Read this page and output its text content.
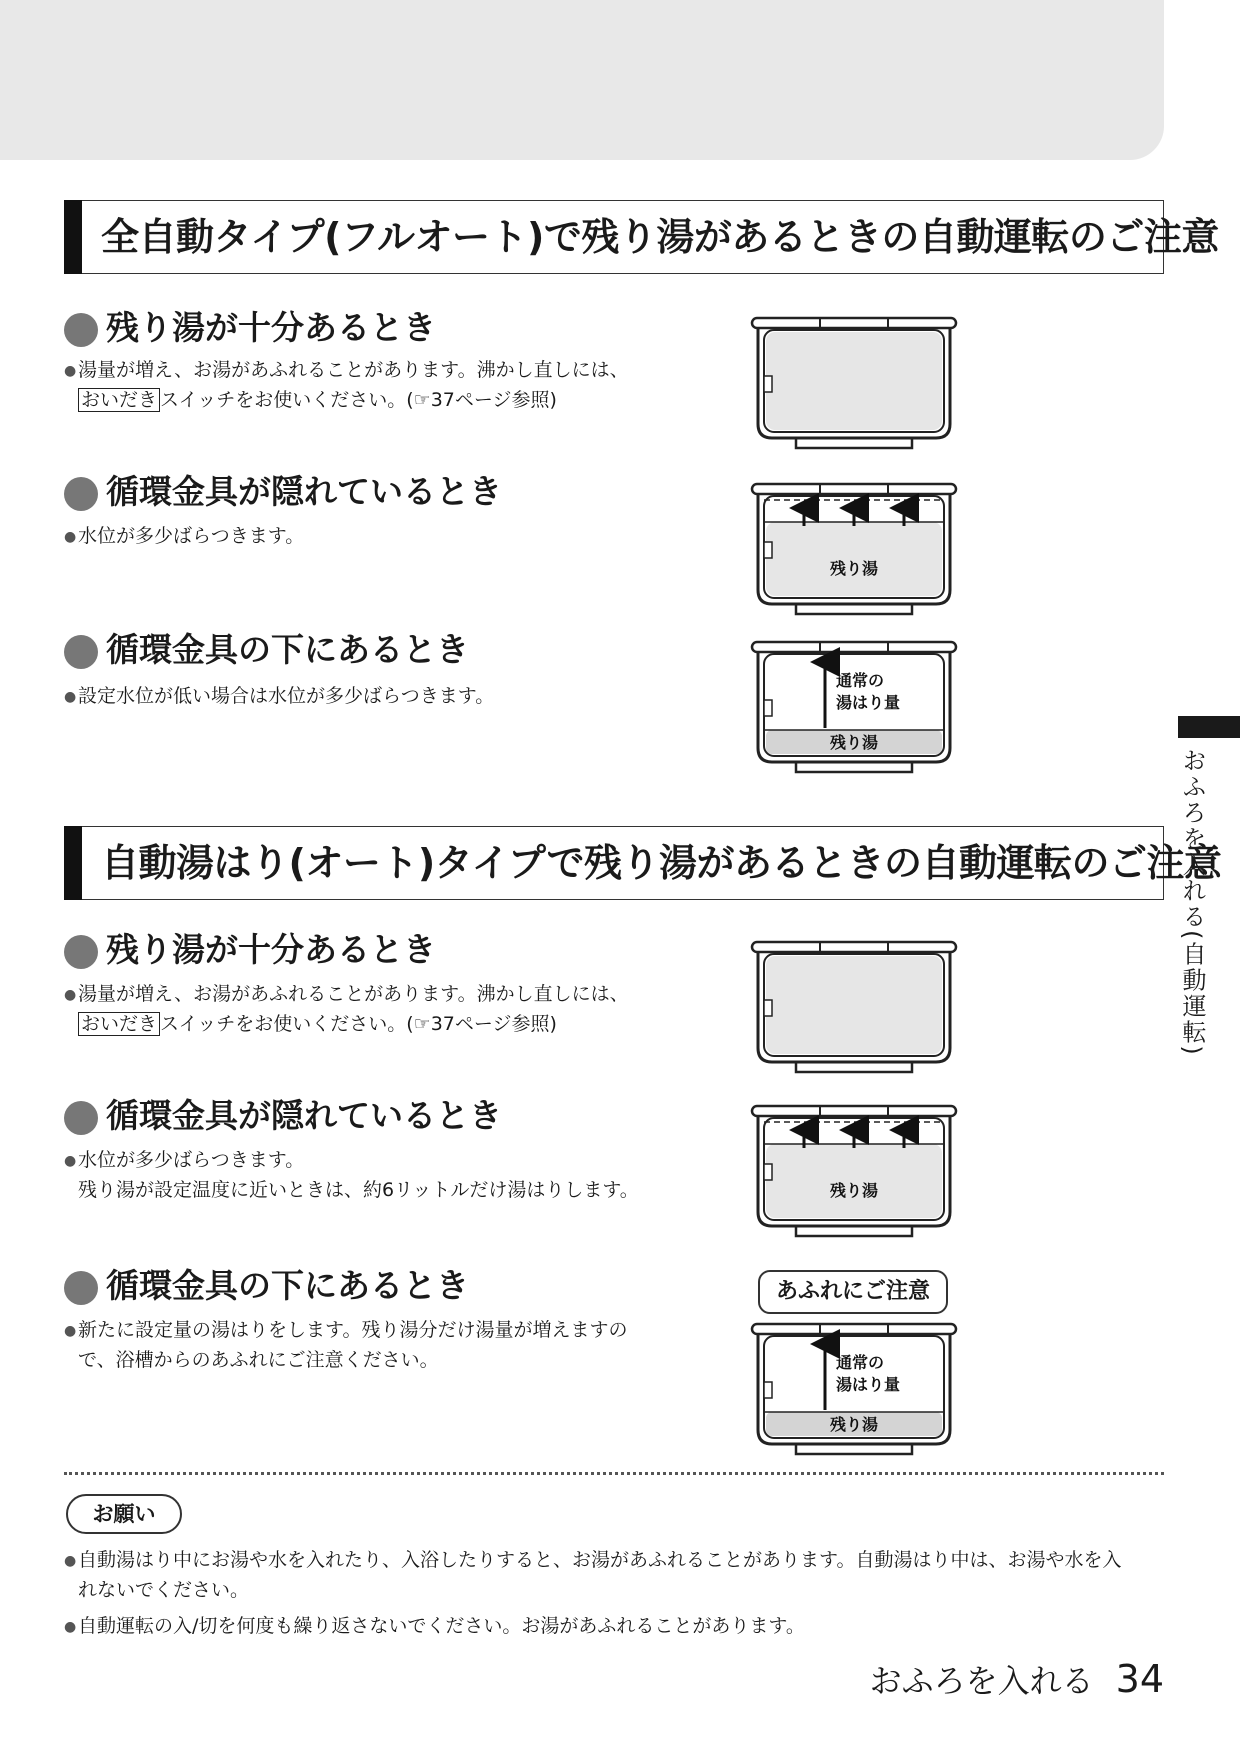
全自動タイプ(フルオート)で残り湯があるときの自動運転のご注意
残り湯が十分あるとき
●湯量が増え、お湯があふれることがあります。沸かし直しには、
おいだき スイッチをお使いください。(☞37ページ参照)
循環金具が隠れているとき
●水位が多少ばらつきます。
残り湯
循環金具の下にあるとき
●設定水位が低い場合は水位が多少ばらつきます。
通常の
湯はり量
残り湯
自動湯はり(オート)タイプで残り湯があるときの自動運転のご注意
残り湯が十分あるとき
●湯量が増え、お湯があふれることがあります。沸かし直しには、
おいだき スイッチをお使いください。(☞37ページ参照)
循環金具が隠れているとき
●水位が多少ばらつきます。
残り湯が設定温度に近いときは、約6リットルだけ湯はりします。	残り湯
循環金具の下にあるとき
●新たに設定量の湯はりをします。残り湯分だけ湯量が増えますの
で、浴槽からのあふれにご注意ください。
あふれにご注意
通常の
湯はり量
残り湯
お願い
●自動湯はり中にお湯や水を入れたり、入浴したりすると、お湯があふれることがあります。自動湯はり中は、お湯や水を入
れないでください。
●自動運転の入/切を何度も繰り返さないでください。お湯があふれることがあります。
おふろを入れる(自動運転)
おふろを入れる 34
